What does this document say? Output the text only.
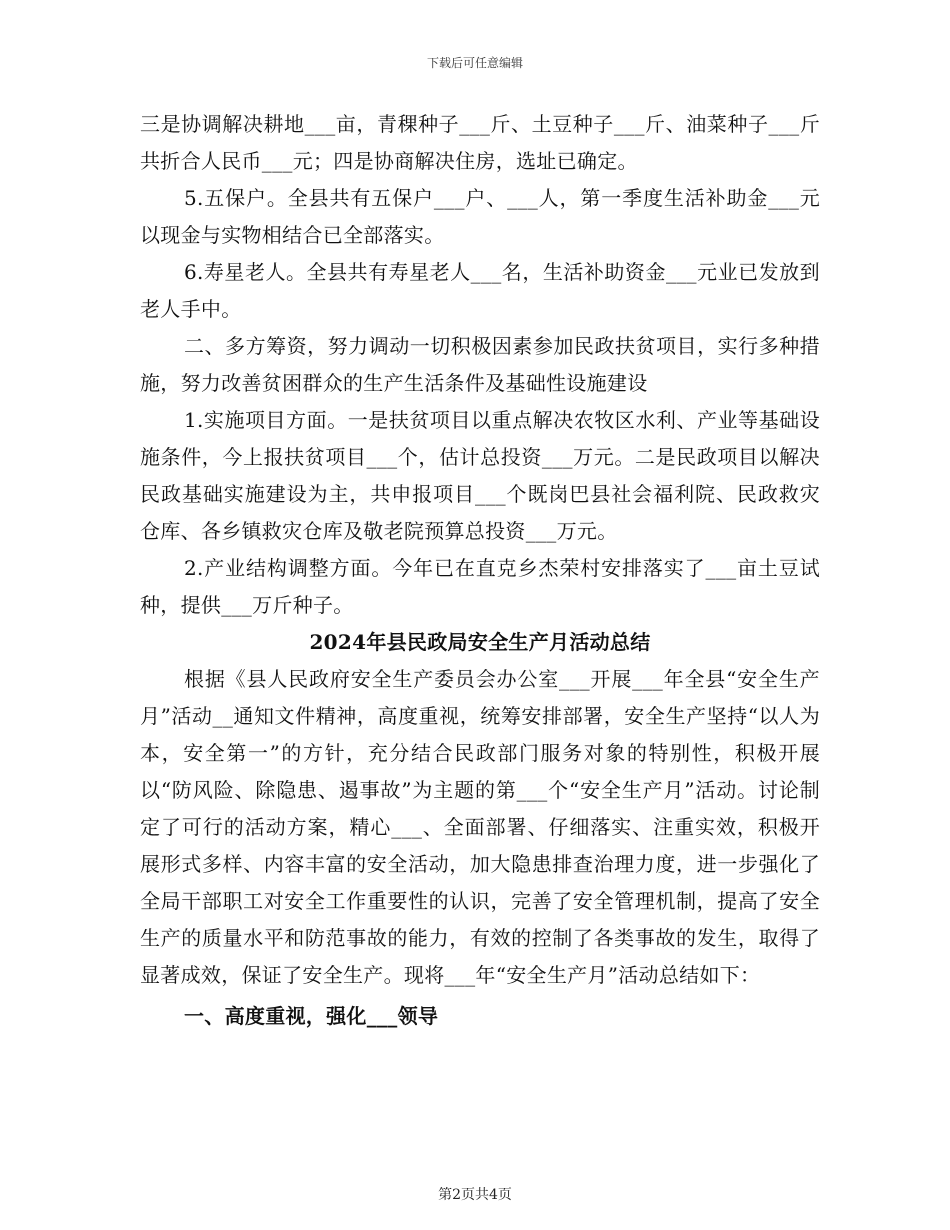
下载后可任意编辑

三是协调解决耕地___亩，青稞种子___斤、土豆种子___斤、油菜种子___斤共折合人民币___元；四是协商解决住房，选址已确定。

5.五保户。全县共有五保户___户、___人，第一季度生活补助金___元以现金与实物相结合已全部落实。

6.寿星老人。全县共有寿星老人___名，生活补助资金___元业已发放到老人手中。

二、多方筹资，努力调动一切积极因素参加民政扶贫项目，实行多种措施，努力改善贫困群众的生产生活条件及基础性设施建设

1.实施项目方面。一是扶贫项目以重点解决农牧区水利、产业等基础设施条件，今上报扶贫项目___个，估计总投资___万元。二是民政项目以解决民政基础实施建设为主，共申报项目___个既岗巴县社会福利院、民政救灾仓库、各乡镇救灾仓库及敬老院预算总投资___万元。

2.产业结构调整方面。今年已在直克乡杰荣村安排落实了___亩土豆试种，提供___万斤种子。

2024年县民政局安全生产月活动总结

根据《县人民政府安全生产委员会办公室___开展___年全县“安全生产月”活动__通知文件精神，高度重视，统筹安排部署，安全生产坚持“以人为本，安全第一”的方针，充分结合民政部门服务对象的特别性，积极开展以“防风险、除隐患、遏事故”为主题的第___个“安全生产月”活动。讨论制定了可行的活动方案，精心___、全面部署、仔细落实、注重实效，积极开展形式多样、内容丰富的安全活动，加大隐患排查治理力度，进一步强化了全局干部职工对安全工作重要性的认识，完善了安全管理机制，提高了安全生产的质量水平和防范事故的能力，有效的控制了各类事故的发生，取得了显著成效，保证了安全生产。现将___年“安全生产月”活动总结如下：

一、高度重视，强化___领导

第2页共4页
